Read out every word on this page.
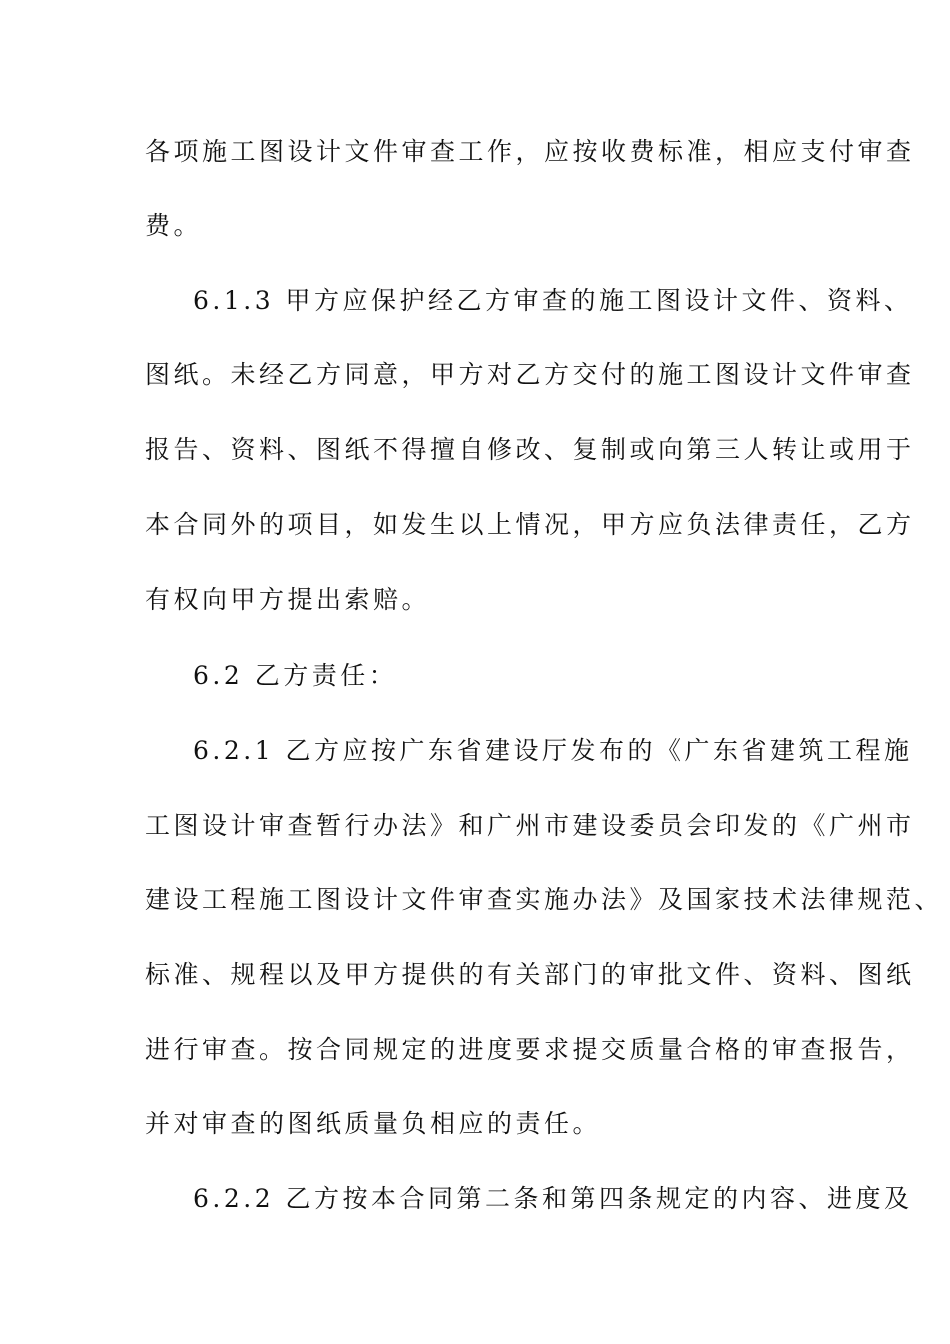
各项施工图设计文件审查工作，应按收费标准，相应支付审查

费。

6.1.3 甲方应保护经乙方审查的施工图设计文件、资料、

图纸。未经乙方同意，甲方对乙方交付的施工图设计文件审查

报告、资料、图纸不得擅自修改、复制或向第三人转让或用于

本合同外的项目，如发生以上情况，甲方应负法律责任，乙方

有权向甲方提出索赔。

6.2 乙方责任：

6.2.1 乙方应按广东省建设厅发布的《广东省建筑工程施

工图设计审查暂行办法》和广州市建设委员会印发的《广州市

建设工程施工图设计文件审查实施办法》及国家技术法律规范、

标准、规程以及甲方提供的有关部门的审批文件、资料、图纸

进行审查。按合同规定的进度要求提交质量合格的审查报告，

并对审查的图纸质量负相应的责任。

6.2.2 乙方按本合同第二条和第四条规定的内容、进度及
